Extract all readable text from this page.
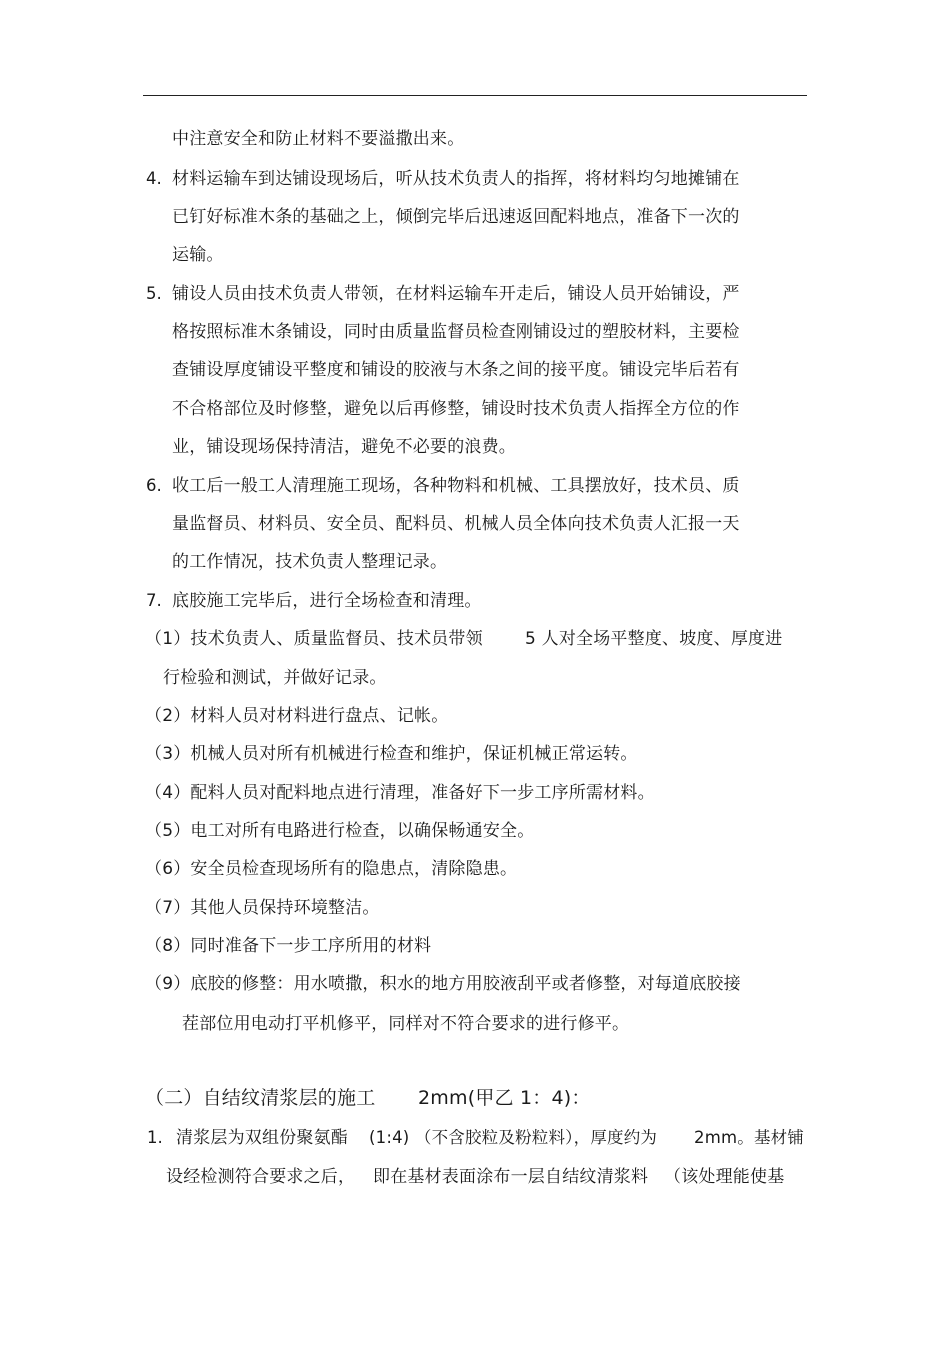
中注意安全和防止材料不要溢撒出来。
4. 材料运输车到达铺设现场后，听从技术负责人的指挥，将材料均匀地摊铺在
已钉好标准木条的基础之上，倾倒完毕后迅速返回配料地点，准备下一次的
运输。
5. 铺设人员由技术负责人带领，在材料运输车开走后，铺设人员开始铺设，严
格按照标准木条铺设，同时由质量监督员检查刚铺设过的塑胶材料，主要检
查铺设厚度铺设平整度和铺设的胶液与木条之间的接平度。铺设完毕后若有
不合格部位及时修整，避免以后再修整，铺设时技术负责人指挥全方位的作
业，铺设现场保持清洁，避免不必要的浪费。
6. 收工后一般工人清理施工现场，各种物料和机械、工具摆放好，技术员、质
量监督员、材料员、安全员、配料员、机械人员全体向技术负责人汇报一天
的工作情况，技术负责人整理记录。
7. 底胶施工完毕后，进行全场检查和清理。
（1）技术负责人、质量监督员、技术员带领 5 人对全场平整度、坡度、厚度进
行检验和测试，并做好记录。
（2）材料人员对材料进行盘点、记帐。
（3）机械人员对所有机械进行检查和维护，保证机械正常运转。
（4）配料人员对配料地点进行清理，准备好下一步工序所需材料。
（5）电工对所有电路进行检查，以确保畅通安全。
（6）安全员检查现场所有的隐患点，清除隐患。
（7）其他人员保持环境整洁。
（8）同时准备下一步工序所用的材料
（9）底胶的修整：用水喷撒，积水的地方用胶液刮平或者修整，对每道底胶接
茬部位用电动打平机修平，同样对不符合要求的进行修平。
（二）自结纹清浆层的施工 2mm(甲乙 1：4)：
1. 清浆层为双组份聚氨酯 (1:4) （不含胶粒及粉粒料），厚度约为 2mm。基材铺
设经检测符合要求之后， 即在基材表面涂布一层自结纹清浆料 （该处理能使基
